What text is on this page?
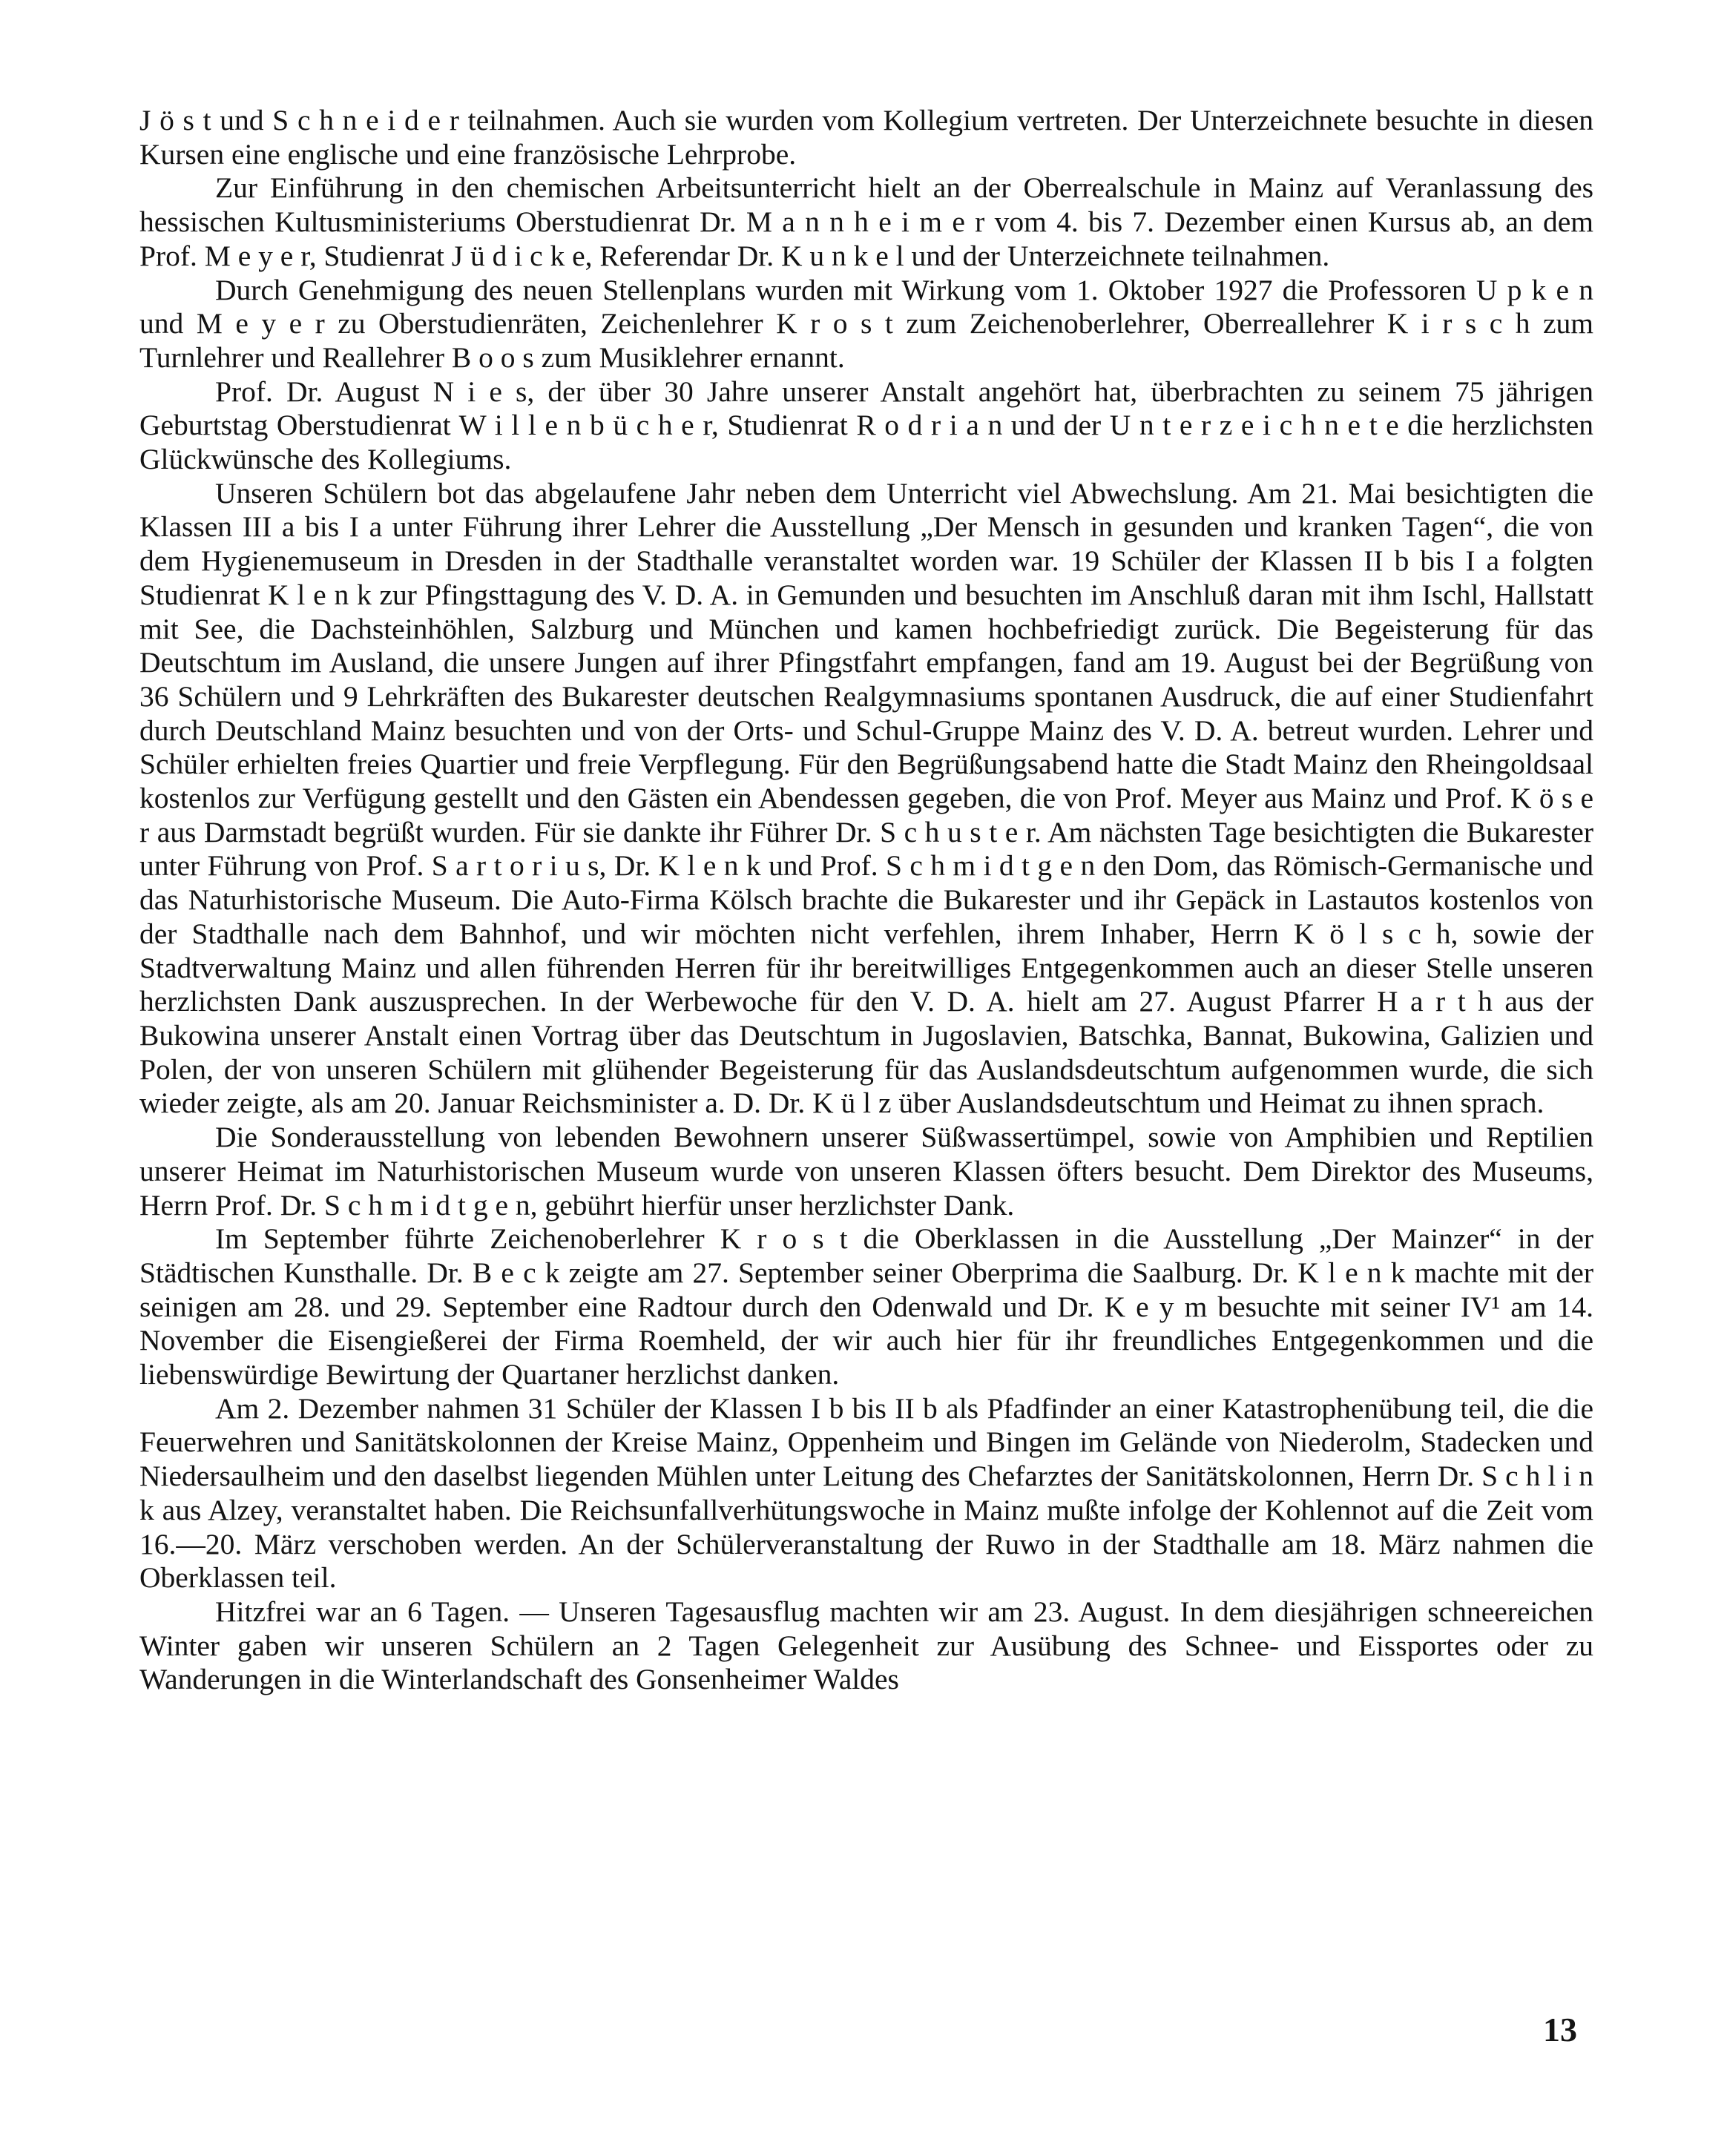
J ö s t und S c h n e i d e r teilnahmen. Auch sie wurden vom Kollegium vertreten. Der Unterzeichnete besuchte in diesen Kursen eine englische und eine französische Lehrprobe.

Zur Einführung in den chemischen Arbeitsunterricht hielt an der Oberrealschule in Mainz auf Veranlassung des hessischen Kultusministeriums Oberstudienrat Dr. M a n n h e i m e r vom 4. bis 7. Dezember einen Kursus ab, an dem Prof. M e y e r, Studienrat J ü d i c k e, Referendar Dr. K u n k e l und der Unterzeichnete teilnahmen.

Durch Genehmigung des neuen Stellenplans wurden mit Wirkung vom 1. Oktober 1927 die Professoren U p k e n und M e y e r zu Oberstudienräten, Zeichenlehrer K r o s t zum Zeichenoberlehrer, Oberreallehrer K i r s c h zum Turnlehrer und Reallehrer B o o s zum Musiklehrer ernannt.

Prof. Dr. August N i e s, der über 30 Jahre unserer Anstalt angehört hat, überbrachten zu seinem 75 jährigen Geburtstag Oberstudienrat W i l l e n b ü c h e r, Studienrat R o d r i a n und der U n t e r z e i c h n e t e die herzlichsten Glückwünsche des Kollegiums.

Unseren Schülern bot das abgelaufene Jahr neben dem Unterricht viel Abwechslung. Am 21. Mai besichtigten die Klassen III a bis I a unter Führung ihrer Lehrer die Ausstellung „Der Mensch in gesunden und kranken Tagen“, die von dem Hygienemuseum in Dresden in der Stadthalle veranstaltet worden war. 19 Schüler der Klassen II b bis I a folgten Studienrat K l e n k zur Pfingsttagung des V. D. A. in Gemunden und besuchten im Anschluß daran mit ihm Ischl, Hallstatt mit See, die Dachsteinhöhlen, Salzburg und München und kamen hochbefriedigt zurück. Die Begeisterung für das Deutschtum im Ausland, die unsere Jungen auf ihrer Pfingstfahrt empfangen, fand am 19. August bei der Begrüßung von 36 Schülern und 9 Lehrkräften des Bukarester deutschen Realgymnasiums spontanen Ausdruck, die auf einer Studienfahrt durch Deutschland Mainz besuchten und von der Orts- und Schul-Gruppe Mainz des V. D. A. betreut wurden. Lehrer und Schüler erhielten freies Quartier und freie Verpflegung. Für den Begrüßungsabend hatte die Stadt Mainz den Rheingoldsaal kostenlos zur Verfügung gestellt und den Gästen ein Abendessen gegeben, die von Prof. Meyer aus Mainz und Prof. K ö s e r aus Darmstadt begrüßt wurden. Für sie dankte ihr Führer Dr. S c h u s t e r. Am nächsten Tage besichtigten die Bukarester unter Führung von Prof. S a r t o r i u s, Dr. K l e n k und Prof. S c h m i d t g e n den Dom, das Römisch-Germanische und das Naturhistorische Museum. Die Auto-Firma Kölsch brachte die Bukarester und ihr Gepäck in Lastautos kostenlos von der Stadthalle nach dem Bahnhof, und wir möchten nicht verfehlen, ihrem Inhaber, Herrn K ö l s c h, sowie der Stadtverwaltung Mainz und allen führenden Herren für ihr bereitwilliges Entgegenkommen auch an dieser Stelle unseren herzlichsten Dank auszusprechen. In der Werbewoche für den V. D. A. hielt am 27. August Pfarrer H a r t h aus der Bukowina unserer Anstalt einen Vortrag über das Deutschtum in Jugoslavien, Batschka, Bannat, Bukowina, Galizien und Polen, der von unseren Schülern mit glühender Begeisterung für das Auslandsdeutschtum aufgenommen wurde, die sich wieder zeigte, als am 20. Januar Reichsminister a. D. Dr. K ü l z über Auslandsdeutschtum und Heimat zu ihnen sprach.

Die Sonderausstellung von lebenden Bewohnern unserer Süßwassertümpel, sowie von Amphibien und Reptilien unserer Heimat im Naturhistorischen Museum wurde von unseren Klassen öfters besucht. Dem Direktor des Museums, Herrn Prof. Dr. S c h m i d t g e n, gebührt hierfür unser herzlichster Dank.

Im September führte Zeichenoberlehrer K r o s t die Oberklassen in die Ausstellung „Der Mainzer“ in der Städtischen Kunsthalle. Dr. B e c k zeigte am 27. September seiner Oberprima die Saalburg. Dr. K l e n k machte mit der seinigen am 28. und 29. September eine Radtour durch den Odenwald und Dr. K e y m besuchte mit seiner IV¹ am 14. November die Eisengießerei der Firma Roemheld, der wir auch hier für ihr freundliches Entgegenkommen und die liebenswürdige Bewirtung der Quartaner herzlichst danken.

Am 2. Dezember nahmen 31 Schüler der Klassen I b bis II b als Pfadfinder an einer Katastrophenübung teil, die die Feuerwehren und Sanitätskolonnen der Kreise Mainz, Oppenheim und Bingen im Gelände von Niederolm, Stadecken und Niedersaulheim und den daselbst liegenden Mühlen unter Leitung des Chefarztes der Sanitätskolonnen, Herrn Dr. S c h l i n k aus Alzey, veranstaltet haben. Die Reichsunfallverhütungswoche in Mainz mußte infolge der Kohlennot auf die Zeit vom 16.—20. März verschoben werden. An der Schülerveranstaltung der Ruwo in der Stadthalle am 18. März nahmen die Oberklassen teil.

Hitzfrei war an 6 Tagen. — Unseren Tagesausflug machten wir am 23. August. In dem diesjährigen schneereichen Winter gaben wir unseren Schülern an 2 Tagen Gelegenheit zur Ausübung des Schnee- und Eissportes oder zu Wanderungen in die Winterlandschaft des Gonsenheimer Waldes

13
